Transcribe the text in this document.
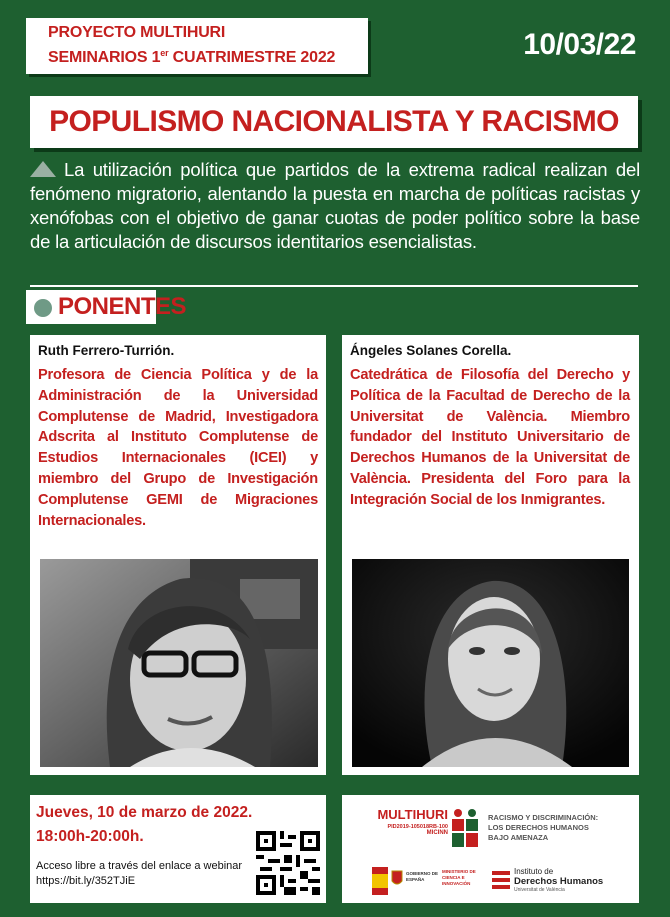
PROYECTO MULTIHURI
SEMINARIOS 1er CUATRIMESTRE 2022	10/03/22
POPULISMO NACIONALISTA Y RACISMO
La utilización política que partidos de la extrema radical realizan del fenómeno migratorio, alentando la puesta en marcha de políticas racistas y xenófobas con el objetivo de ganar cuotas de poder político sobre la base de la articulación de discursos identitarios esencialistas.
PONENTES
Ruth Ferrero-Turrión.
Profesora de Ciencia Política y de la Administración de la Universidad Complutense de Madrid, Investigadora Adscrita al Instituto Complutense de Estudios Internacionales (ICEI) y miembro del Grupo de Investigación Complutense GEMI de Migraciones Internacionales.
Ángeles Solanes Corella.
Catedrática de Filosofía del Derecho y Política de la Facultad de Derecho de la Universitat de València. Miembro fundador del Instituto Universitario de Derechos Humanos de la Universitat de València. Presidenta del Foro para la Integración Social de los Inmigrantes.
Jueves, 10 de marzo de 2022.
18:00h-20:00h.
Acceso libre a través del enlace a webinar
https://bit.ly/352TJiE
MULTIHURI
PID2019-105018RB-100
MICINN
RACISMO Y DISCRIMINACIÓN:
LOS DERECHOS HUMANOS
BAJO AMENAZA
GOBIERNO DE ESPAÑA
MINISTERIO DE CIENCIA E INNOVACIÓN
Instituto de
Derechos Humanos
Universitat de València
